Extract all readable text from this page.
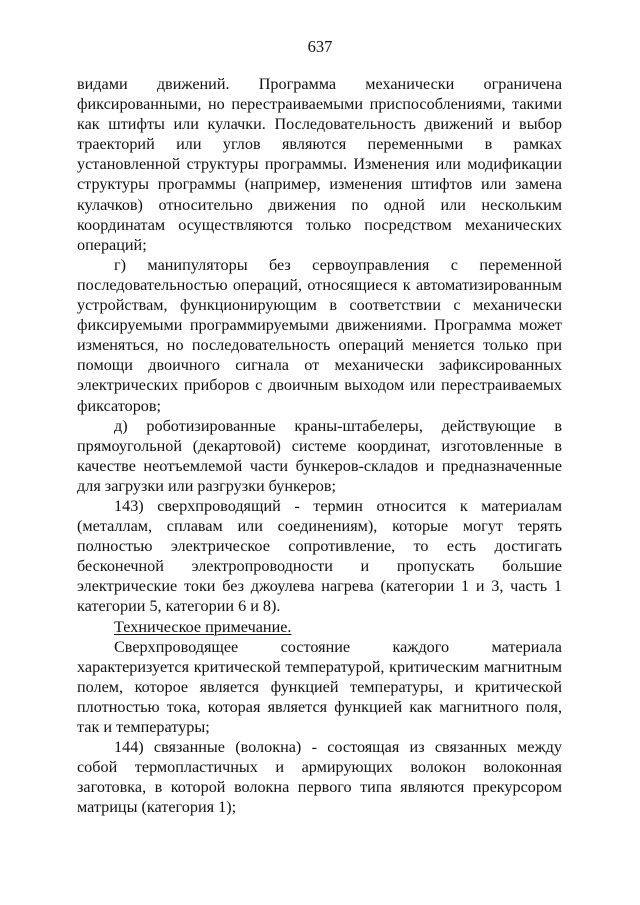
637

видами движений. Программа механически ограничена фиксированными, но перестраиваемыми приспособлениями, такими как штифты или кулачки. Последовательность движений и выбор траекторий или углов являются переменными в рамках установленной структуры программы. Изменения или модификации структуры программы (например, изменения штифтов или замена кулачков) относительно движения по одной или нескольким координатам осуществляются только посредством механических операций;

г) манипуляторы без сервоуправления с переменной последовательностью операций, относящиеся к автоматизированным устройствам, функционирующим в соответствии с механически фиксируемыми программируемыми движениями. Программа может изменяться, но последовательность операций меняется только при помощи двоичного сигнала от механически зафиксированных электрических приборов с двоичным выходом или перестраиваемых фиксаторов;

д) роботизированные краны-штабелеры, действующие в прямоугольной (декартовой) системе координат, изготовленные в качестве неотъемлемой части бункеров-складов и предназначенные для загрузки или разгрузки бункеров;

143) сверхпроводящий - термин относится к материалам (металлам, сплавам или соединениям), которые могут терять полностью электрическое сопротивление, то есть достигать бесконечной электропроводности и пропускать большие электрические токи без джоулева нагрева (категории 1 и 3, часть 1 категории 5, категории 6 и 8).

Техническое примечание.

Сверхпроводящее состояние каждого материала характеризуется критической температурой, критическим магнитным полем, которое является функцией температуры, и критической плотностью тока, которая является функцией как магнитного поля, так и температуры;

144) связанные (волокна) - состоящая из связанных между собой термопластичных и армирующих волокон волоконная заготовка, в которой волокна первого типа являются прекурсором матрицы (категория 1);
